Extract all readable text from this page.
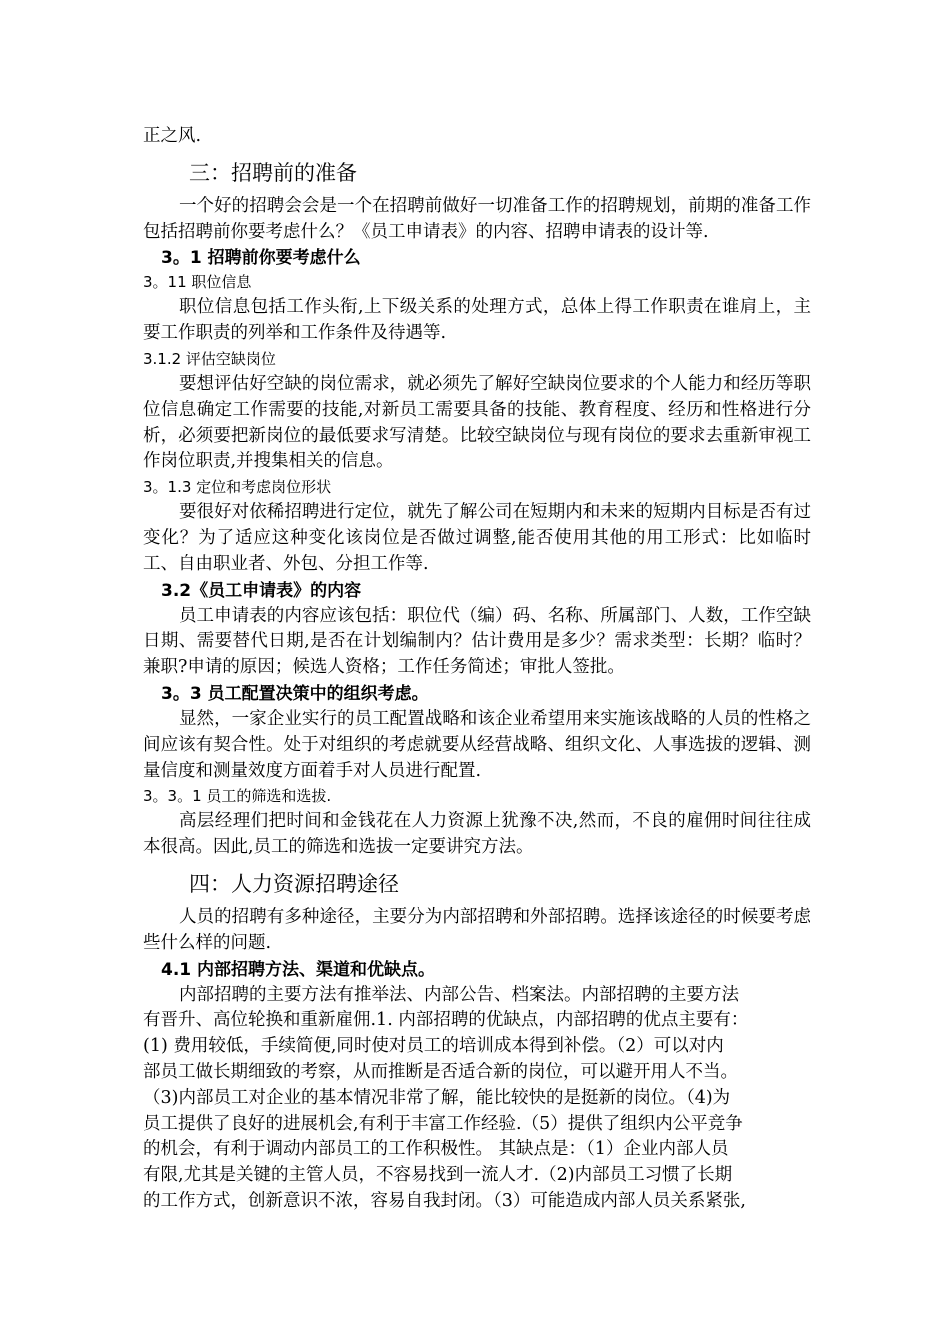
正之风.
三：招聘前的准备
一个好的招聘会会是一个在招聘前做好一切准备工作的招聘规划，前期的准备工作包括招聘前你要考虑什么？《员工申请表》的内容、招聘申请表的设计等.
3。1 招聘前你要考虑什么
3。11 职位信息
职位信息包括工作头衔,上下级关系的处理方式，总体上得工作职责在谁肩上，主要工作职责的列举和工作条件及待遇等.
3.1.2 评估空缺岗位
要想评估好空缺的岗位需求，就必须先了解好空缺岗位要求的个人能力和经历等职位信息确定工作需要的技能,对新员工需要具备的技能、教育程度、经历和性格进行分析，必须要把新岗位的最低要求写清楚。比较空缺岗位与现有岗位的要求去重新审视工作岗位职责,并搜集相关的信息。
3。1.3 定位和考虑岗位形状
要很好对依稀招聘进行定位，就先了解公司在短期内和未来的短期内目标是否有过变化？为了适应这种变化该岗位是否做过调整,能否使用其他的用工形式：比如临时工、自由职业者、外包、分担工作等.
3.2《员工申请表》的内容
员工申请表的内容应该包括：职位代（编）码、名称、所属部门、人数，工作空缺日期、需要替代日期,是否在计划编制内？估计费用是多少？需求类型：长期？临时？兼职?申请的原因；候选人资格；工作任务简述；审批人签批。
3。3 员工配置决策中的组织考虑。
显然，一家企业实行的员工配置战略和该企业希望用来实施该战略的人员的性格之间应该有契合性。处于对组织的考虑就要从经营战略、组织文化、人事选拔的逻辑、测量信度和测量效度方面着手对人员进行配置.
3。3。1 员工的筛选和选拔.
高层经理们把时间和金钱花在人力资源上犹豫不决,然而，不良的雇佣时间往往成本很高。因此,员工的筛选和选拔一定要讲究方法。
四：人力资源招聘途径
人员的招聘有多种途径，主要分为内部招聘和外部招聘。选择该途径的时候要考虑些什么样的问题.
4.1 内部招聘方法、渠道和优缺点。
内部招聘的主要方法有推举法、内部公告、档案法。内部招聘的主要方法
有晋升、高位轮换和重新雇佣.1. 内部招聘的优缺点，内部招聘的优点主要有：
(1) 费用较低，手续简便,同时使对员工的培训成本得到补偿。（2）可以对内
部员工做长期细致的考察，从而推断是否适合新的岗位，可以避开用人不当。
（3)内部员工对企业的基本情况非常了解，能比较快的是挺新的岗位。（4)为
员工提供了良好的进展机会,有利于丰富工作经验.（5）提供了组织内公平竞争
的机会，有利于调动内部员工的工作积极性。 其缺点是：（1）企业内部人员
有限,尤其是关键的主管人员，不容易找到一流人才.（2)内部员工习惯了长期
的工作方式，创新意识不浓，容易自我封闭。（3）可能造成内部人员关系紧张,
